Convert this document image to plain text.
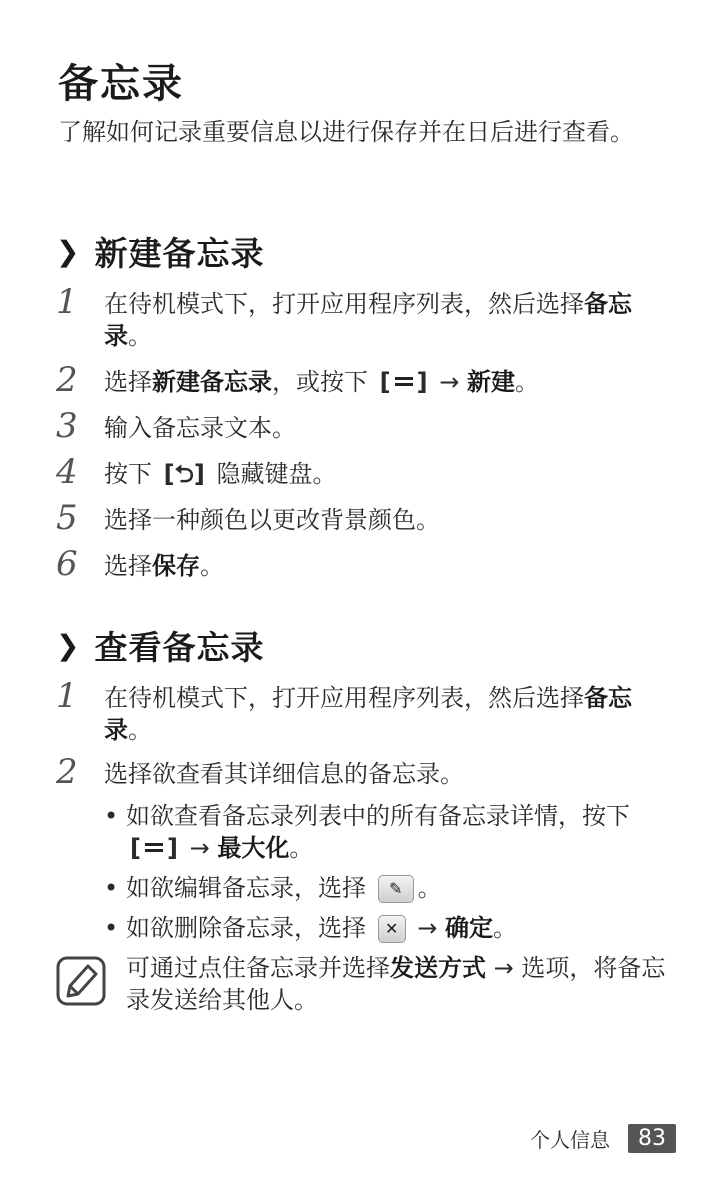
备忘录
了解如何记录重要信息以进行保存并在日后进行查看。
❯ 新建备忘录
1 在待机模式下，打开应用程序列表，然后选择备忘录。
2 选择新建备忘录，或按下 [ ] → 新建。
3 输入备忘录文本。
4 按下 [⮌] 隐藏键盘。
5 选择一种颜色以更改背景颜色。
6 选择保存。
❯ 查看备忘录
1 在待机模式下，打开应用程序列表，然后选择备忘录。
2 选择欲查看其详细信息的备忘录。
• 如欲查看备忘录列表中的所有备忘录详情，按下 [ ] → 最大化。
• 如欲编辑备忘录，选择 ✎ 。
• 如欲删除备忘录，选择 ✕ → 确定。
可通过点住备忘录并选择发送方式 → 选项，将备忘录发送给其他人。
个人信息	83
